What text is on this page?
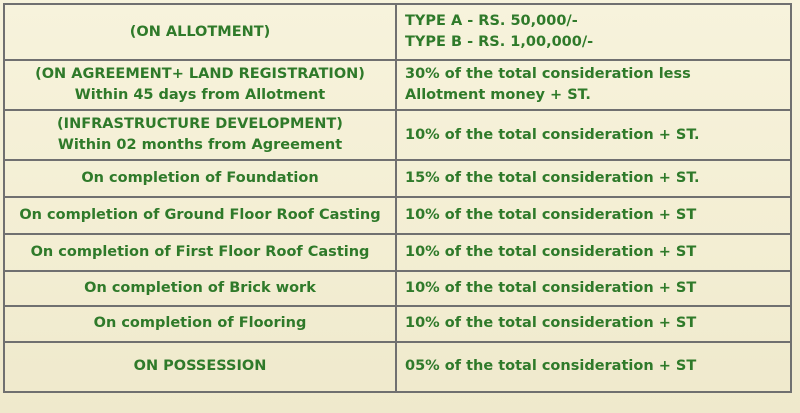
(ON ALLOTMENT)	TYPE A - RS. 50,000/-
TYPE B - RS. 1,00,000/-

(ON AGREEMENT+ LAND REGISTRATION)
Within 45 days from Allotment	30% of the total consideration less
Allotment money + ST.

(INFRASTRUCTURE DEVELOPMENT)
Within 02 months from Agreement	10% of the total consideration + ST.

On completion of Foundation	15% of the total consideration + ST.

On completion of Ground Floor Roof Casting	10% of the total consideration + ST

On completion of First Floor Roof Casting	10% of the total consideration + ST

On completion of Brick work	10% of the total consideration + ST

On completion of Flooring	10% of the total consideration + ST

ON POSSESSION	05% of the total consideration + ST
